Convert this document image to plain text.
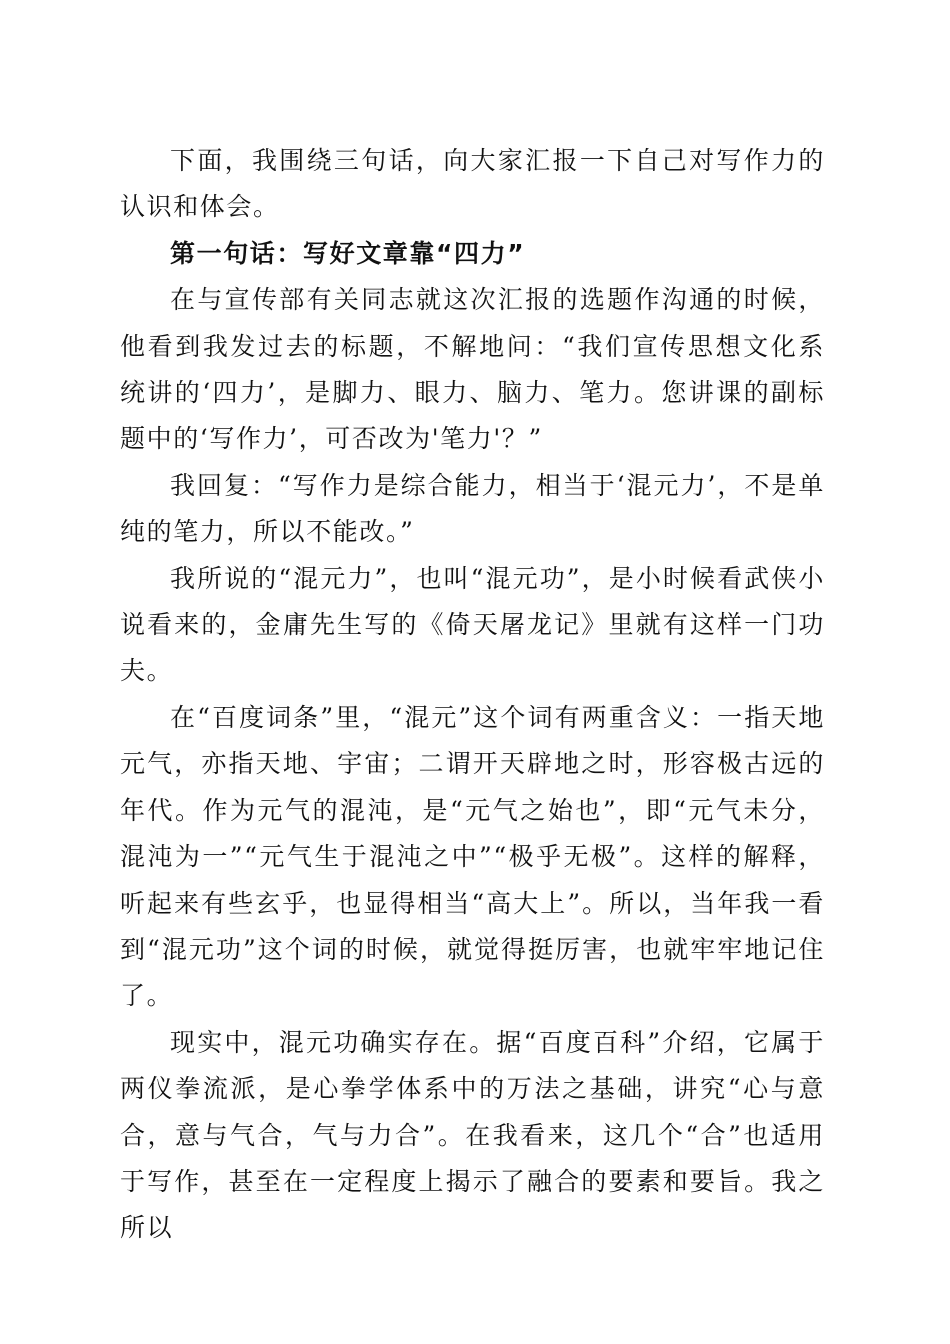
下面，我围绕三句话，向大家汇报一下自己对写作力的认识和体会。

第一句话：写好文章靠“四力”

在与宣传部有关同志就这次汇报的选题作沟通的时候，他看到我发过去的标题，不解地问：“我们宣传思想文化系统讲的‘四力’，是脚力、眼力、脑力、笔力。您讲课的副标题中的‘写作力’，可否改为'笔力'？”

我回复：“写作力是综合能力，相当于‘混元力’，不是单纯的笔力，所以不能改。”

我所说的“混元力”，也叫“混元功”，是小时候看武侠小说看来的，金庸先生写的《倚天屠龙记》里就有这样一门功夫。

在“百度词条”里，“混元”这个词有两重含义：一指天地元气，亦指天地、宇宙；二谓开天辟地之时，形容极古远的年代。作为元气的混沌，是“元气之始也”，即“元气未分，混沌为一”“元气生于混沌之中”“极乎无极”。这样的解释，听起来有些玄乎，也显得相当“高大上”。所以，当年我一看到“混元功”这个词的时候，就觉得挺厉害，也就牢牢地记住了。

现实中，混元功确实存在。据“百度百科”介绍，它属于两仪拳流派，是心拳学体系中的万法之基础，讲究“心与意合，意与气合，气与力合”。在我看来，这几个“合”也适用于写作，甚至在一定程度上揭示了融合的要素和要旨。我之所以
